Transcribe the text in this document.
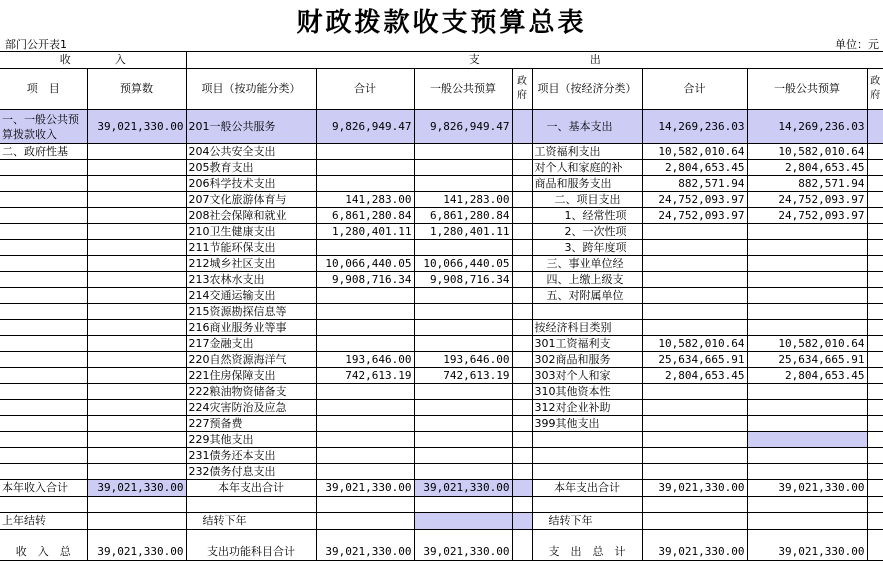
财政拨款收支预算总表
部门公开表1	单位：元
收　　　　入		支　　　　　　　　　　出							
项　目	预算数	项目（按功能分类）	合计	一般公共预算	政府	项目（按经济分类）	合计	一般公共预算	政府
一、一般公共预算拨款收入	39,021,330.00	201一般公共服务	9,826,949.47	9,826,949.47		一、基本支出	14,269,236.03	14,269,236.03	
二、政府性基		204公共安全支出				工资福利支出	10,582,010.64	10,582,010.64	
		205教育支出				对个人和家庭的补	2,804,653.45	2,804,653.45	
		206科学技术支出				商品和服务支出	882,571.94	882,571.94	
		207文化旅游体育与	141,283.00	141,283.00		二、项目支出	24,752,093.97	24,752,093.97	
		208社会保障和就业	6,861,280.84	6,861,280.84		1、经常性项	24,752,093.97	24,752,093.97	
		210卫生健康支出	1,280,401.11	1,280,401.11		2、一次性项			
		211节能环保支出				3、跨年度项			
		212城乡社区支出	10,066,440.05	10,066,440.05		三、事业单位经			
		213农林水支出	9,908,716.34	9,908,716.34		四、上缴上级支			
		214交通运输支出				五、对附属单位			
		215资源勘探信息等							
		216商业服务业等事				按经济科目类别			
		217金融支出				301工资福利支	10,582,010.64	10,582,010.64	
		220自然资源海洋气	193,646.00	193,646.00		302商品和服务	25,634,665.91	25,634,665.91	
		221住房保障支出	742,613.19	742,613.19		303对个人和家	2,804,653.45	2,804,653.45	
		222粮油物资储备支				310其他资本性			
		224灾害防治及应急				312对企业补助			
		227预备费				399其他支出			
		229其他支出							
		231债务还本支出							
		232债务付息支出							
本年收入合计	39,021,330.00	本年支出合计	39,021,330.00	39,021,330.00		本年支出合计	39,021,330.00	39,021,330.00	

上年结转		结转下年				结转下年			

收　入　总	39,021,330.00	支出功能科目合计	39,021,330.00	39,021,330.00		支　出　总　计	39,021,330.00	39,021,330.00	
